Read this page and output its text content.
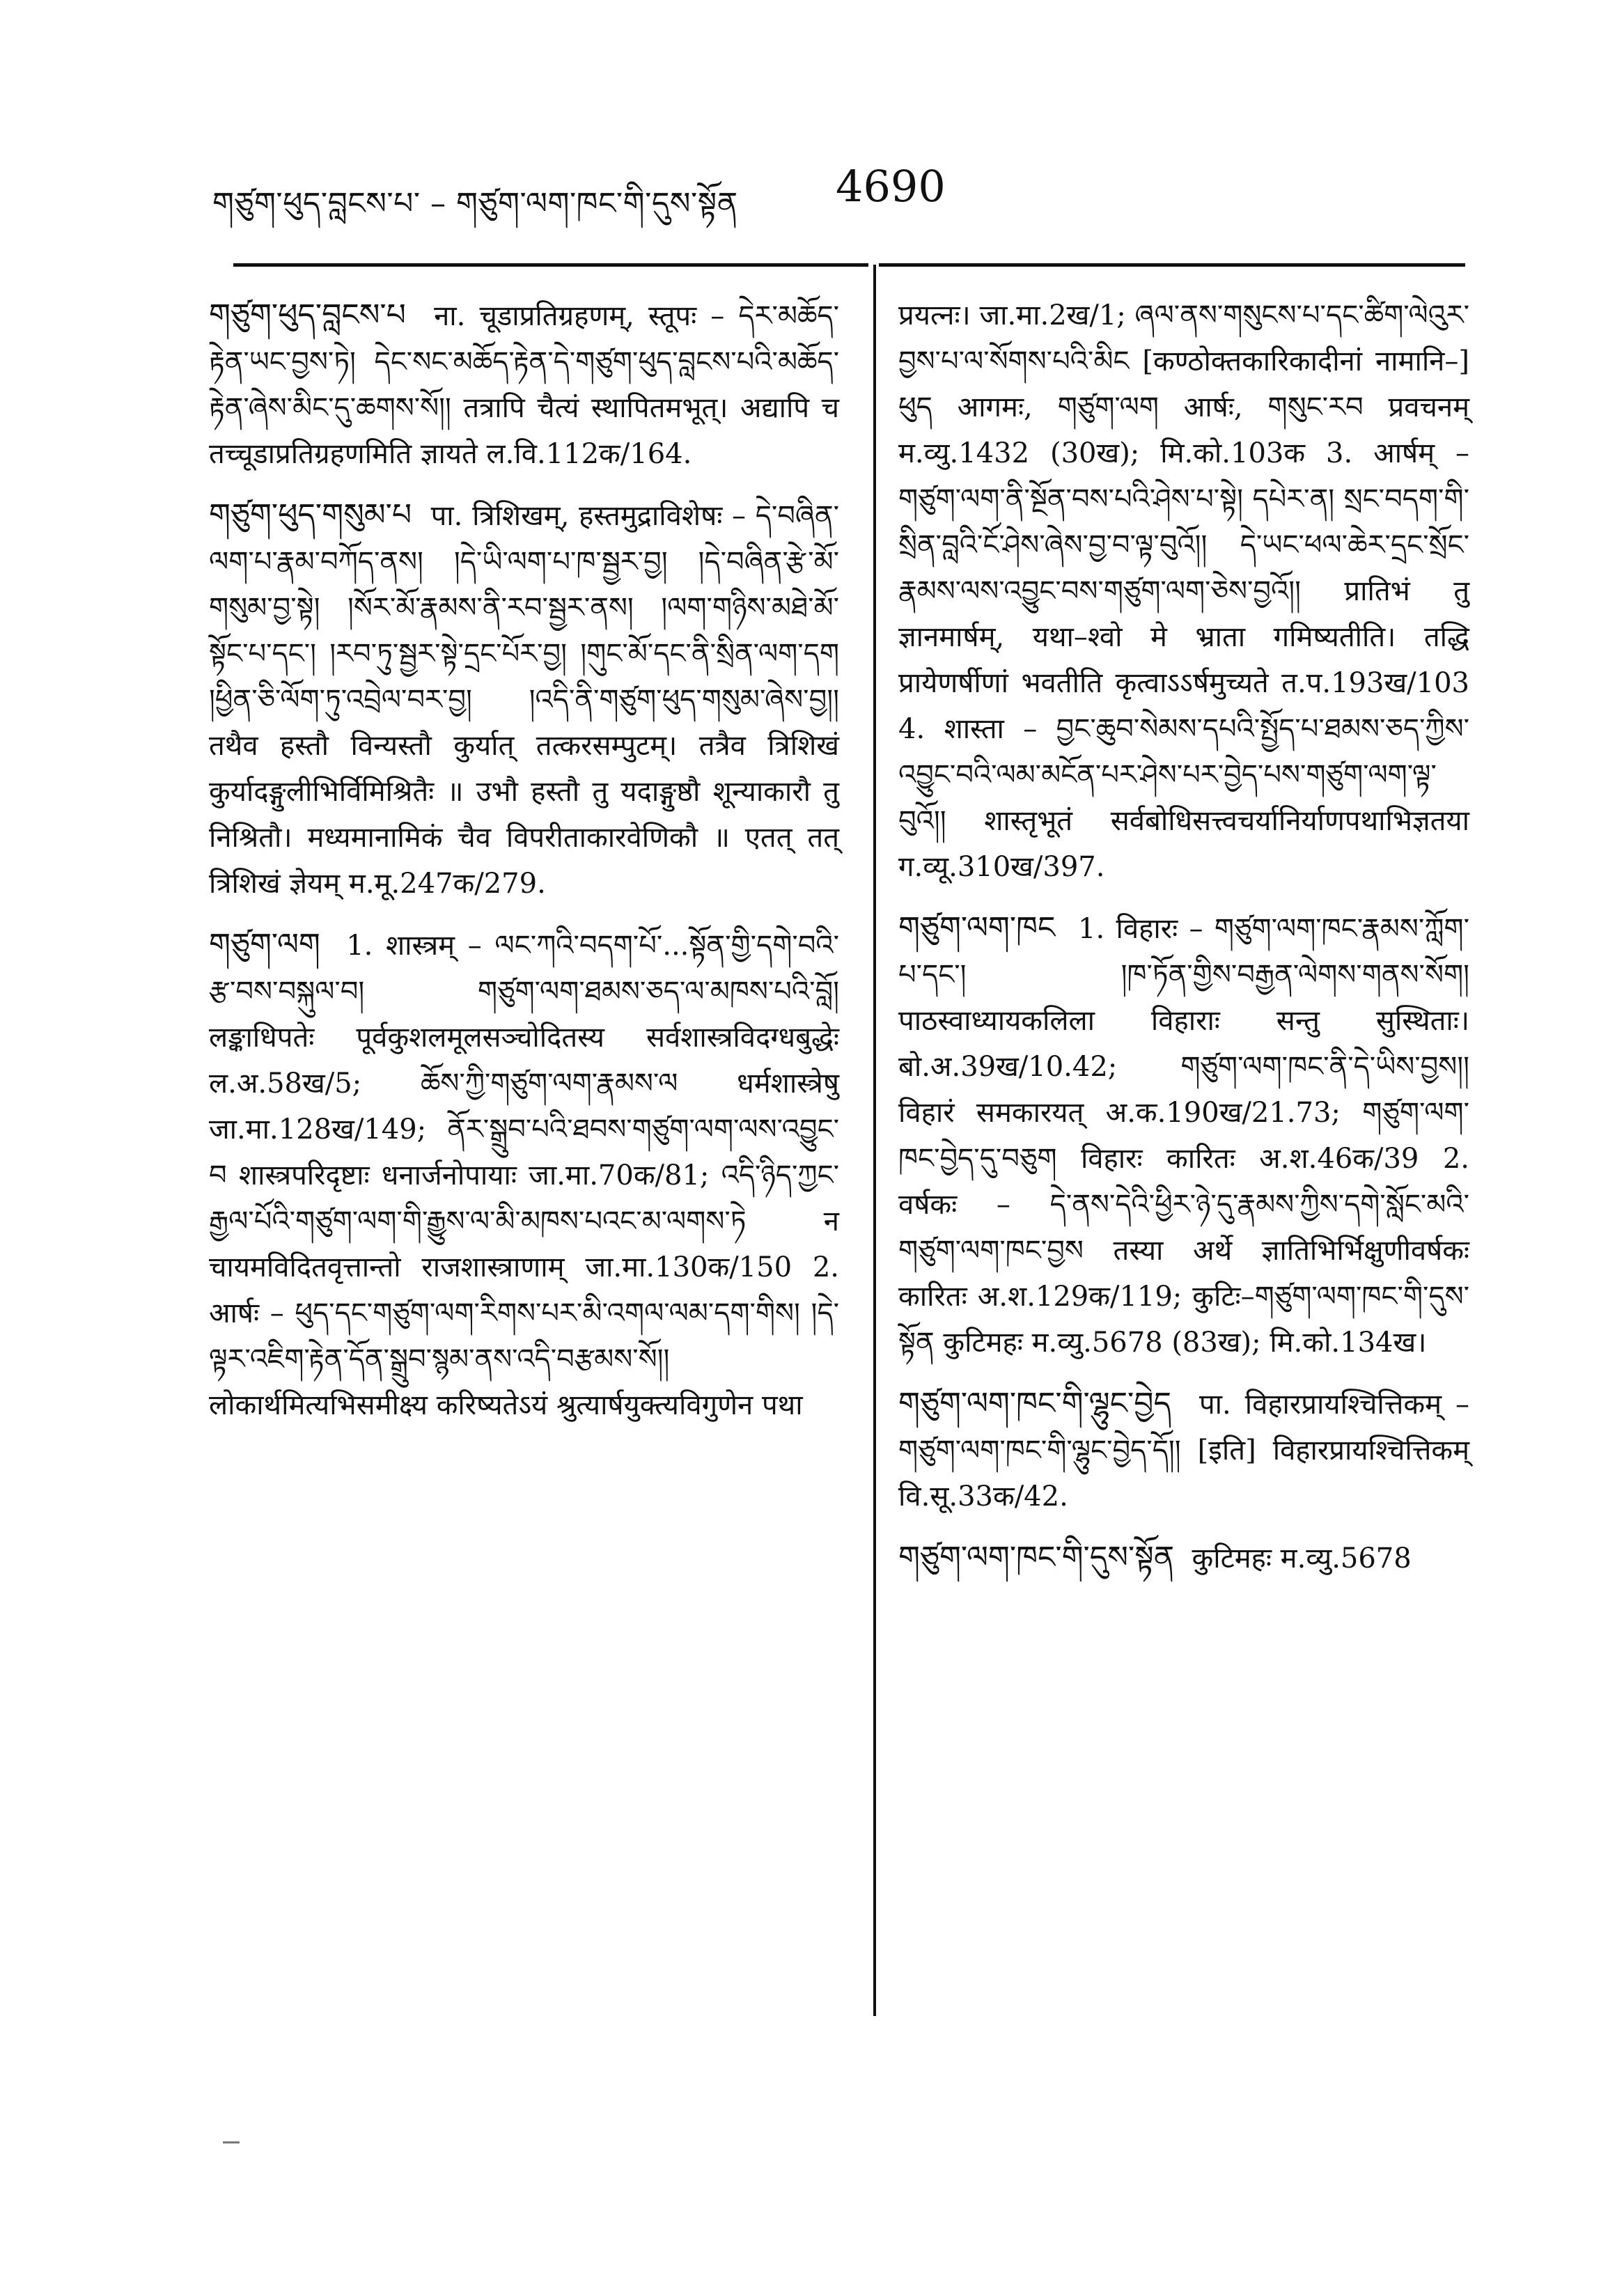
གཙུག་ཕུད་བླངས་པ་ – གཙུག་ལག་ཁང་གི་དུས་སྟོན 4690
གཙུག་ཕུད་བླངས་པ ना. चूडाप्रतिग्रहणम्, स्तूपः – དེར་མཆོད་རྟེན་ཡང་བྱས་ཏེ། དེང་སང་མཆོད་རྟེན་དེ་གཙུག་ཕུད་བླངས་པའི་མཆོད་རྟེན་ཞེས་མིང་དུ་ཆགས་སོ།། तत्रापि चैत्यं स्थापितमभूत्। अद्यापि च तच्चूडाप्रतिग्रहणमिति ज्ञायते ल.वि.112क/164.
གཙུག་ཕུད་གསུམ་པ पा. त्रिशिखम्, हस्तमुद्राविशेषः – དེ་བཞིན་ལག་པ་རྣམ་བཀོད་ནས། །དེ་ཡི་ལག་པ་ཁ་སྦྱར་བྱ། །དེ་བཞིན་རྩེ་མོ་གསུམ་བྱ་སྟེ། །སོར་མོ་རྣམས་ནི་རབ་སྦྱར་ནས། །ལག་གཉིས་མཐེ་མོ་སྟོང་པ་དང་། །རབ་ཏུ་སྦྱར་སྟེ་དྲང་པོར་བྱ། །གུང་མོ་དང་ནི་སྲིན་ལག་དག །ཕྱིན་ཅི་ལོག་ཏུ་འབྲེལ་བར་བྱ། །འདི་ནི་གཙུག་ཕུད་གསུམ་ཞེས་བྱ།། तथैव हस्तौ विन्यस्तौ कुर्यात् तत्करसम्पुटम्। तत्रैव त्रिशिखं कुर्यादङ्गुलीभिर्विमिश्रितैः ॥ उभौ हस्तौ तु यदाङ्गुष्ठौ शून्याकारौ तु निश्रितौ। मध्यमानामिकं चैव विपरीताकारवेणिकौ ॥ एतत् तत् त्रिशिखं ज्ञेयम् म.मू.247क/279.
གཙུག་ལག 1. शास्त्रम् – ལང་ཀའི་བདག་པོ་...སྟོན་གྱི་དགེ་བའི་རྩ་བས་བསྐུལ་བ། གཙུག་ལག་ཐམས་ཅད་ལ་མཁས་པའི་བློ། लङ्काधिपतेः पूर्वकुशलमूलसञ्चोदितस्य सर्वशास्त्रविदग्धबुद्धेः ल.अ.58ख/5; ཆོས་ཀྱི་གཙུག་ལག་རྣམས་ལ धर्मशास्त्रेषु जा.मा.128ख/149; ནོར་སྒྲུབ་པའི་ཐབས་གཙུག་ལག་ལས་འབྱུང་བ शास्त्रपरिदृष्टाः धनार्जनोपायाः जा.मा.70क/81; འདི་ཉིད་ཀྱང་རྒྱལ་པོའི་གཙུག་ལག་གི་རྒྱུས་ལ་མི་མཁས་པའང་མ་ལགས་ཏེ न चायमविदितवृत्तान्तो राजशास्त्राणाम् जा.मा.130क/150 2. आर्षः – ཕུད་དང་གཙུག་ལག་རིགས་པར་མི་འགལ་ལམ་དག་གིས། །དེ་ལྟར་འཇིག་རྟེན་དོན་སྒྲུབ་སྙམ་ནས་འདི་བརྩམས་སོ།། लोकार्थमित्यभिसमीक्ष्य करिष्यतेऽयं श्रुत्यार्षयुक्त्यविगुणेन पथा
प्रयत्नः। जा.मा.2ख/1; ཞལ་ནས་གསུངས་པ་དང་ཚིག་ལེའུར་བྱས་པ་ལ་སོགས་པའི་མིང [कण्ठोक्तकारिकादीनां नामानि–] ཕུད आगमः, གཙུག་ལག आर्षः, གསུང་རབ प्रवचनम् म.व्यु.1432 (30ख); मि.को.103क 3. आर्षम् – གཙུག་ལག་ནི་སྔོན་བས་པའི་ཤེས་པ་སྟེ། དཔེར་ན། སྲང་བདག་གི་སྲིན་བླའི་ངོ་ཤེས་ཞེས་བྱ་བ་ལྟ་བུའོ།། དེ་ཡང་ཕལ་ཆེར་དྲང་སྲོང་རྣམས་ལས་འབྱུང་བས་གཙུག་ལག་ཅེས་བྱའོ།། प्रातिभं तु ज्ञानमार्षम्, यथा–श्वो मे भ्राता गमिष्यतीति। तद्धि प्रायेणर्षीणां भवतीति कृत्वाऽऽर्षमुच्यते त.प.193ख/103 4. शास्ता – བྱང་ཆུབ་སེམས་དཔའི་སྤྱོད་པ་ཐམས་ཅད་ཀྱིས་འབྱུང་བའི་ལམ་མངོན་པར་ཤེས་པར་བྱེད་པས་གཙུག་ལག་ལྟ་བུའོ།། शास्तृभूतं सर्वबोधिसत्त्वचर्यानिर्याणपथाभिज्ञतया ग.व्यू.310ख/397.
གཙུག་ལག་ཁང 1. विहारः – གཙུག་ལག་ཁང་རྣམས་ཀློག་པ་དང་། །ཁ་ཏོན་གྱིས་བརྒྱན་ལེགས་གནས་སོག། पाठस्वाध्यायकलिला विहाराः सन्तु सुस्थिताः। बो.अ.39ख/10.42; གཙུག་ལག་ཁང་ནི་དེ་ཡིས་བྱས།། विहारं समकारयत् अ.क.190ख/21.73; གཙུག་ལག་ཁང་བྱེད་དུ་བཅུག विहारः कारितः अ.श.46क/39 2. वर्षकः – དེ་ནས་དེའི་ཕྱིར་ཉེ་དུ་རྣམས་ཀྱིས་དགེ་སློང་མའི་གཙུག་ལག་ཁང་བྱས तस्या अर्थे ज्ञातिभिर्भिक्षुणीवर्षकः कारितः अ.श.129क/119; कुटिः–གཙུག་ལག་ཁང་གི་དུས་སྟོན कुटिमहः म.व्यु.5678 (83ख); मि.को.134ख।
གཙུག་ལག་ཁང་གི་ལྷུང་བྱེད पा. विहारप्रायश्चित्तिकम् – གཙུག་ལག་ཁང་གི་ལྷུང་བྱེད་དོ།། [इति] विहारप्रायश्चित्तिकम् वि.सू.33क/42.
གཙུག་ལག་ཁང་གི་དུས་སྟོན कुटिमहः म.व्यु.5678
